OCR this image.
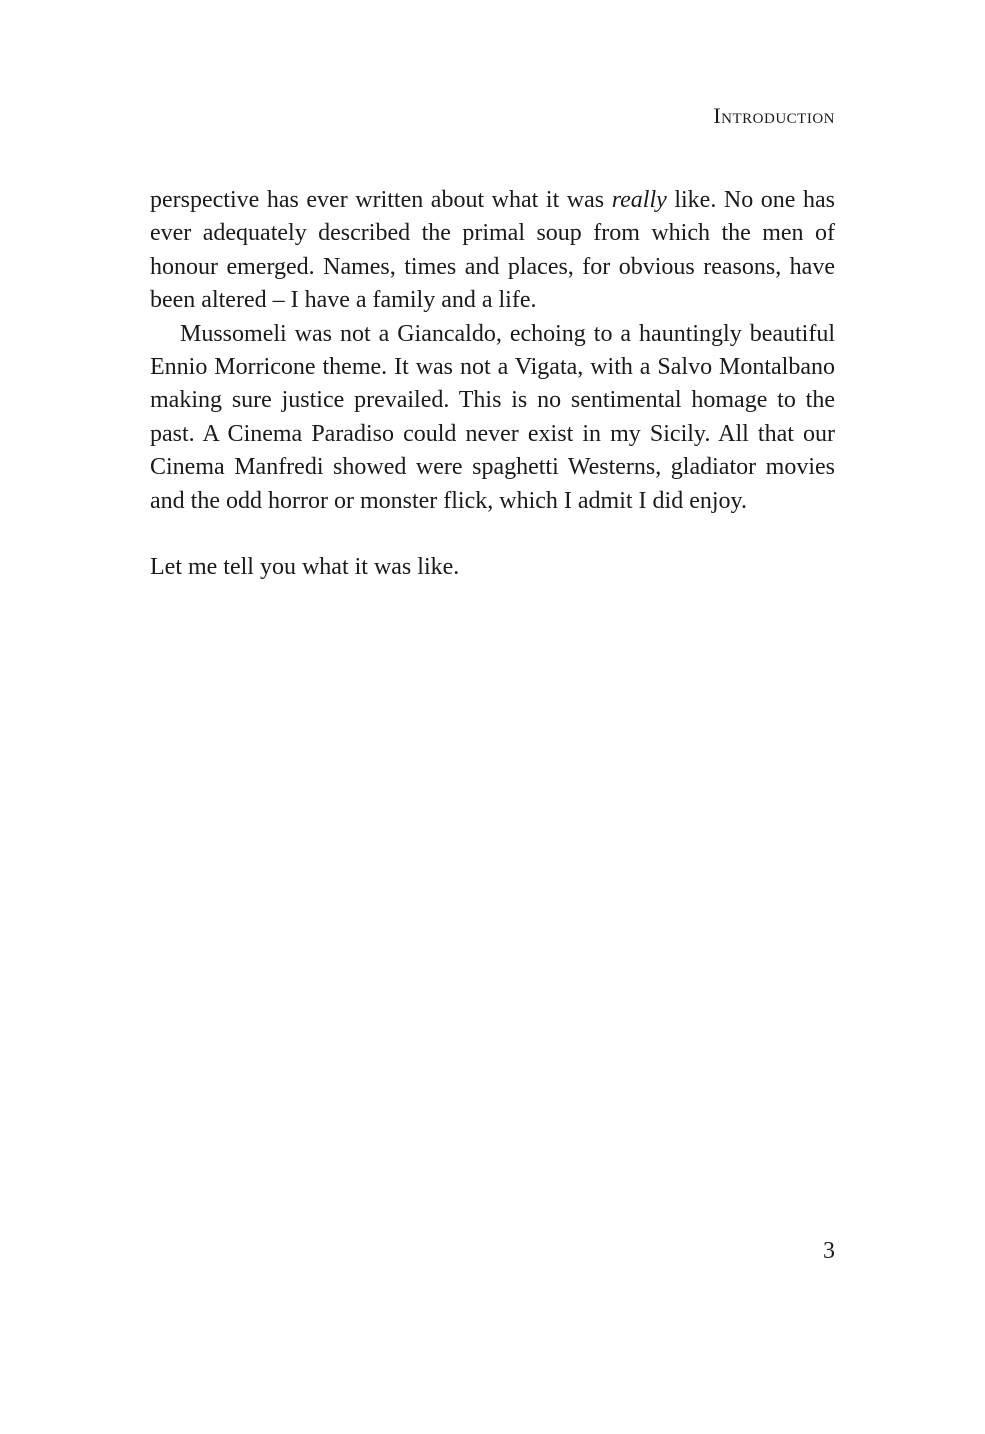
Introduction

perspective has ever written about what it was really like. No one has ever adequately described the primal soup from which the men of honour emerged. Names, times and places, for obvious reasons, have been altered – I have a family and a life.

Mussomeli was not a Giancaldo, echoing to a hauntingly beautiful Ennio Morricone theme. It was not a Vigata, with a Salvo Montalbano making sure justice prevailed. This is no sentimental homage to the past. A Cinema Paradiso could never exist in my Sicily. All that our Cinema Manfredi showed were spaghetti Westerns, gladiator movies and the odd horror or monster flick, which I admit I did enjoy.

Let me tell you what it was like.

3
